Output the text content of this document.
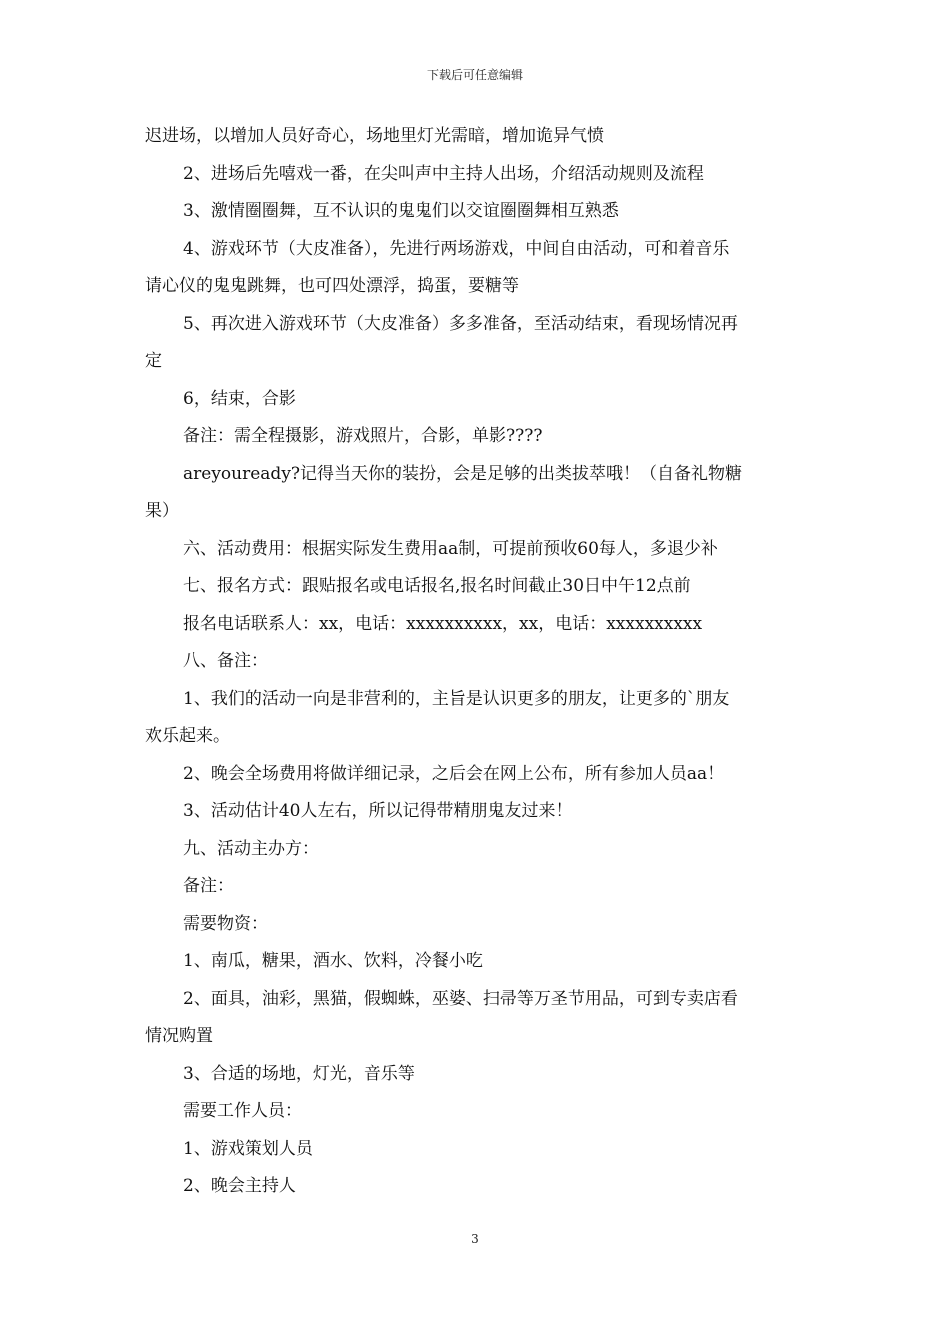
下载后可任意编辑
迟进场，以增加人员好奇心，场地里灯光需暗，增加诡异气愤
2、进场后先嘻戏一番，在尖叫声中主持人出场，介绍活动规则及流程
3、激情圈圈舞，互不认识的鬼鬼们以交谊圈圈舞相互熟悉
4、游戏环节（大皮准备），先进行两场游戏，中间自由活动，可和着音乐
请心仪的鬼鬼跳舞，也可四处漂浮，捣蛋，要糖等
5、再次进入游戏环节（大皮准备）多多准备，至活动结束，看现场情况再
定
6，结束，合影
备注：需全程摄影，游戏照片，合影，单影????
areyouready?记得当天你的装扮，会是足够的出类拔萃哦！（自备礼物糖
果）
六、活动费用：根据实际发生费用aa制，可提前预收60每人，多退少补
七、报名方式：跟贴报名或电话报名,报名时间截止30日中午12点前
报名电话联系人：xx，电话：xxxxxxxxxx，xx，电话：xxxxxxxxxx
八、备注：
1、我们的活动一向是非营利的，主旨是认识更多的朋友，让更多的`朋友
欢乐起来。
2、晚会全场费用将做详细记录，之后会在网上公布，所有参加人员aa！
3、活动估计40人左右，所以记得带精朋鬼友过来！
九、活动主办方：
备注：
需要物资：
1、南瓜，糖果，酒水、饮料，冷餐小吃
2、面具，油彩，黑猫，假蜘蛛，巫婆、扫帚等万圣节用品，可到专卖店看
情况购置
3、合适的场地，灯光，音乐等
需要工作人员：
1、游戏策划人员
2、晚会主持人
3
